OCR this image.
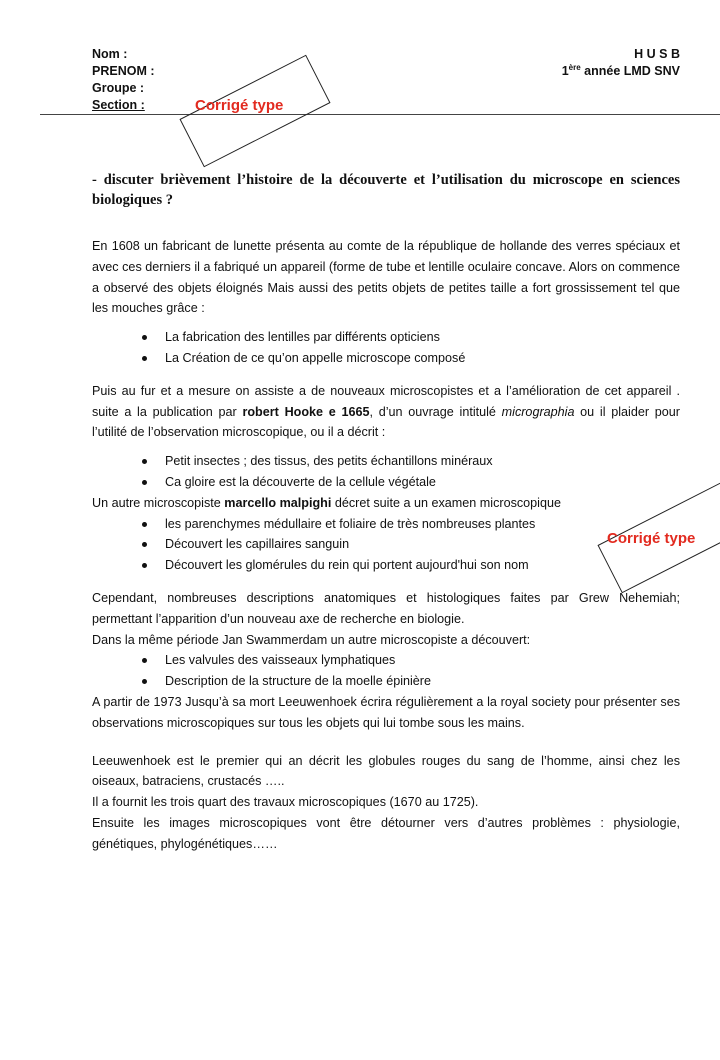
Nom :
PRENOM :
Groupe :
Section :
H U S B
1ère année LMD SNV
Corrigé type
- discuter brièvement l’histoire de la découverte et l’utilisation du microscope en sciences biologiques ?

En 1608 un fabricant de lunette présenta au comte de la république de hollande des verres spéciaux et avec ces derniers il a fabriqué un appareil (forme de tube et lentille oculaire concave. Alors on commence a observé des objets éloignés Mais aussi des petits objets de petites taille a fort grossissement tel que les mouches grâce :

La fabrication des lentilles par différents opticiens
La Création de ce qu’on appelle microscope composé

Puis au fur et a mesure on assiste a de nouveaux microscopistes et a l’amélioration de cet appareil . suite a la publication par robert Hooke e 1665, d’un ouvrage intitulé micrographia ou il plaider pour l’utilité de l’observation microscopique, ou il a décrit :

Petit insectes ; des tissus, des petits échantillons minéraux
Ca gloire est la découverte de la cellule végétale

Un autre microscopiste marcello malpighi décret suite a un examen microscopique

les parenchymes médullaire et foliaire de très nombreuses plantes
Découvert les capillaires sanguin
Découvert les glomérules du rein qui portent aujourd'hui son nom

Cependant, nombreuses descriptions anatomiques et histologiques faites par Grew Nehemiah; permettant l’apparition d’un nouveau axe de recherche en biologie.

Dans la même période Jan Swammerdam un autre microscopiste a découvert:

Les valvules des vaisseaux lymphatiques
Description de la structure de la moelle épinière

A partir de 1973 Jusqu’à sa mort Leeuwenhoek écrira régulièrement a la royal society pour présenter ses observations microscopiques sur tous les objets qui lui tombe sous les mains.

Leeuwenhoek est le premier qui an décrit les globules rouges du sang de l’homme, ainsi chez les oiseaux, batraciens, crustacés …..

Il a fournit les trois quart des travaux microscopiques (1670 au 1725).

Ensuite les images microscopiques vont être détourner vers d’autres problèmes : physiologie, génétiques, phylogénétiques……

Corrigé type
